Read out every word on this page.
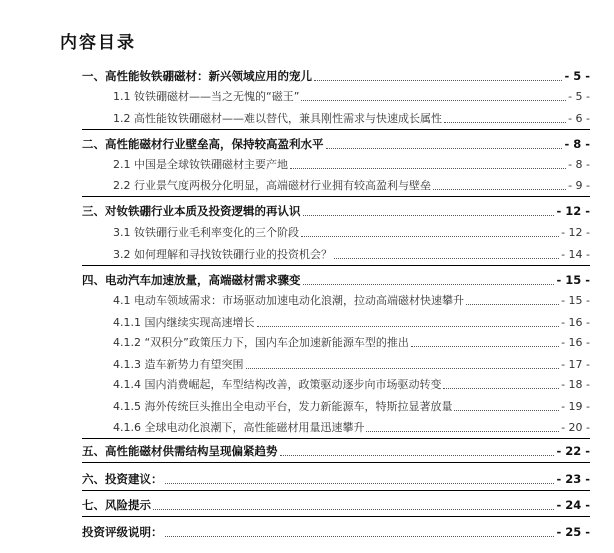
内容目录
一、高性能钕铁硼磁材：新兴领域应用的宠儿	- 5 -
1.1 钕铁硼磁材——当之无愧的“磁王”	- 5 -
1.2 高性能钕铁硼磁材——难以替代，兼具刚性需求与快速成长属性	- 6 -
二、高性能磁材行业壁垒高，保持较高盈利水平	- 8 -
2.1 中国是全球钕铁硼磁材主要产地	- 8 -
2.2 行业景气度两极分化明显，高端磁材行业拥有较高盈利与壁垒	- 9 -
三、对钕铁硼行业本质及投资逻辑的再认识	- 12 -
3.1 钕铁硼行业毛利率变化的三个阶段	- 12 -
3.2 如何理解和寻找钕铁硼行业的投资机会？	- 14 -
四、电动汽车加速放量，高端磁材需求骤变	- 15 -
4.1 电动车领域需求：市场驱动加速电动化浪潮，拉动高端磁材快速攀升	- 15 -
4.1.1 国内继续实现高速增长	- 16 -
4.1.2 “双积分”政策压力下，国内车企加速新能源车型的推出	- 16 -
4.1.3 造车新势力有望突围	- 17 -
4.1.4 国内消费崛起，车型结构改善，政策驱动逐步向市场驱动转变	- 18 -
4.1.5 海外传统巨头推出全电动平台，发力新能源车，特斯拉显著放量	- 19 -
4.1.6 全球电动化浪潮下，高性能磁材用量迅速攀升	- 20 -
五、高性能磁材供需结构呈现偏紧趋势	- 22 -
六、投资建议：	- 23 -
七、风险提示	- 24 -
投资评级说明：	- 25 -
